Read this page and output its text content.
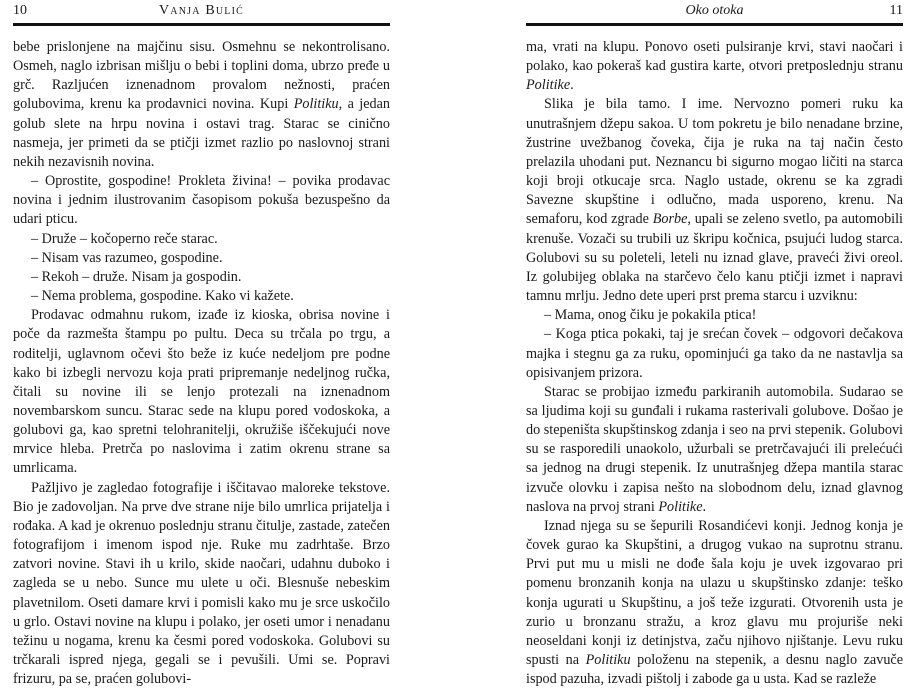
10	Vanja Bulić

bebe prislonjene na majčinu sisu. Osmehnu se nekontrolisano. Osmeh, naglo izbrisan mišlju o bebi i toplini doma, ubrzo pređe u grč. Razljućen iznenadnom provalom nežnosti, praćen golubovima, krenu ka prodavnici novina. Kupi Politiku, a jedan golub slete na hrpu novina i ostavi trag. Starac se cinično nasmeja, jer primeti da se ptičji izmet razlio po naslovnoj strani nekih nezavisnih novina.

– Oprostite, gospodine! Prokleta živina! – povika prodavac novina i jednim ilustrovanim časopisom pokuša bezuspešno da udari pticu.

– Druže – kočoperno reče starac.

– Nisam vas razumeo, gospodine.

– Rekoh – druže. Nisam ja gospodin.

– Nema problema, gospodine. Kako vi kažete.

Prodavac odmahnu rukom, izađe iz kioska, obrisa novine i poče da razmešta štampu po pultu. Deca su trčala po trgu, a roditelji, uglavnom očevi što beže iz kuće nedeljom pre podne kako bi izbegli nervozu koja prati pripremanje nedeljnog ručka, čitali su novine ili se lenjo protezali na iznenadnom novembarskom suncu. Starac sede na klupu pored vodoskoka, a golubovi ga, kao spretni telohranitelji, okružiše iščekujući nove mrvice hleba. Pretrča po naslovima i zatim okrenu strane sa umrlicama.

Pažljivo je zagledao fotografije i iščitavao maloreke tekstove. Bio je zadovoljan. Na prve dve strane nije bilo umrlica prijatelja i rođaka. A kad je okrenuo poslednju stranu čitulje, zastade, zatečen fotografijom i imenom ispod nje. Ruke mu zadrhtaše. Brzo zatvori novine. Stavi ih u krilo, skide naočari, udahnu duboko i zagleda se u nebo. Sunce mu ulete u oči. Blesnuše nebeskim plavetnilom. Oseti damare krvi i pomisli kako mu je srce uskočilo u grlo. Ostavi novine na klupu i polako, jer oseti umor i nenadanu težinu u nogama, krenu ka česmi pored vodoskoka. Golubovi su trčkarali ispred njega, gegali se i pevušili. Umi se. Popravi frizuru, pa se, praćen golubovi-

Oko otoka	11

ma, vrati na klupu. Ponovo oseti pulsiranje krvi, stavi naočari i polako, kao pokeraš kad gustira karte, otvori pretposlednju stranu Politike.

Slika je bila tamo. I ime. Nervozno pomeri ruku ka unutrašnjem džepu sakoa. U tom pokretu je bilo nenadane brzine, žustrine uvežbanog čoveka, čija je ruka na taj način često prelazila uhodani put. Neznancu bi sigurno mogao ličiti na starca koji broji otkucaje srca. Naglo ustade, okrenu se ka zgradi Savezne skupštine i odlučno, mada usporeno, krenu. Na semaforu, kod zgrade Borbe, upali se zeleno svetlo, pa automobili krenuše. Vozači su trubili uz škripu kočnica, psujući ludog starca. Golubovi su su poleteli, leteli nu iznad glave, praveći živi oreol. Iz golubijeg oblaka na starčevo čelo kanu ptičji izmet i napravi tamnu mrlju. Jedno dete uperi prst prema starcu i uzviknu:

– Mama, onog čiku je pokakila ptica!

– Koga ptica pokaki, taj je srećan čovek – odgovori dečakova majka i stegnu ga za ruku, opominjući ga tako da ne nastavlja sa opisivanjem prizora.

Starac se probijao između parkiranih automobila. Sudarao se sa ljudima koji su gunđali i rukama rasterivali golubove. Došao je do stepeništa skupštinskog zdanja i seo na prvi stepenik. Golubovi su se rasporedili unaokolo, užurbali se pretrčavajući ili prelećući sa jednog na drugi stepenik. Iz unutrašnjeg džepa mantila starac izvuče olovku i zapisa nešto na slobodnom delu, iznad glavnog naslova na prvoj strani Politike.

Iznad njega su se šepurili Rosandićevi konji. Jednog konja je čovek gurao ka Skupštini, a drugog vukao na suprotnu stranu. Prvi put mu u misli ne dođe šala koju je uvek izgovarao pri pomenu bronzanih konja na ulazu u skupštinsko zdanje: teško konja ugurati u Skupštinu, a još teže izgurati. Otvorenih usta je zurio u bronzanu stražu, a kroz glavu mu projuriše neki neoseldani konji iz detinjstva, začu njihovo njištanje. Levu ruku spusti na Politiku položenu na stepenik, a desnu naglo zavuče ispod pazuha, izvadi pištolj i zabode ga u usta. Kad se razleže
